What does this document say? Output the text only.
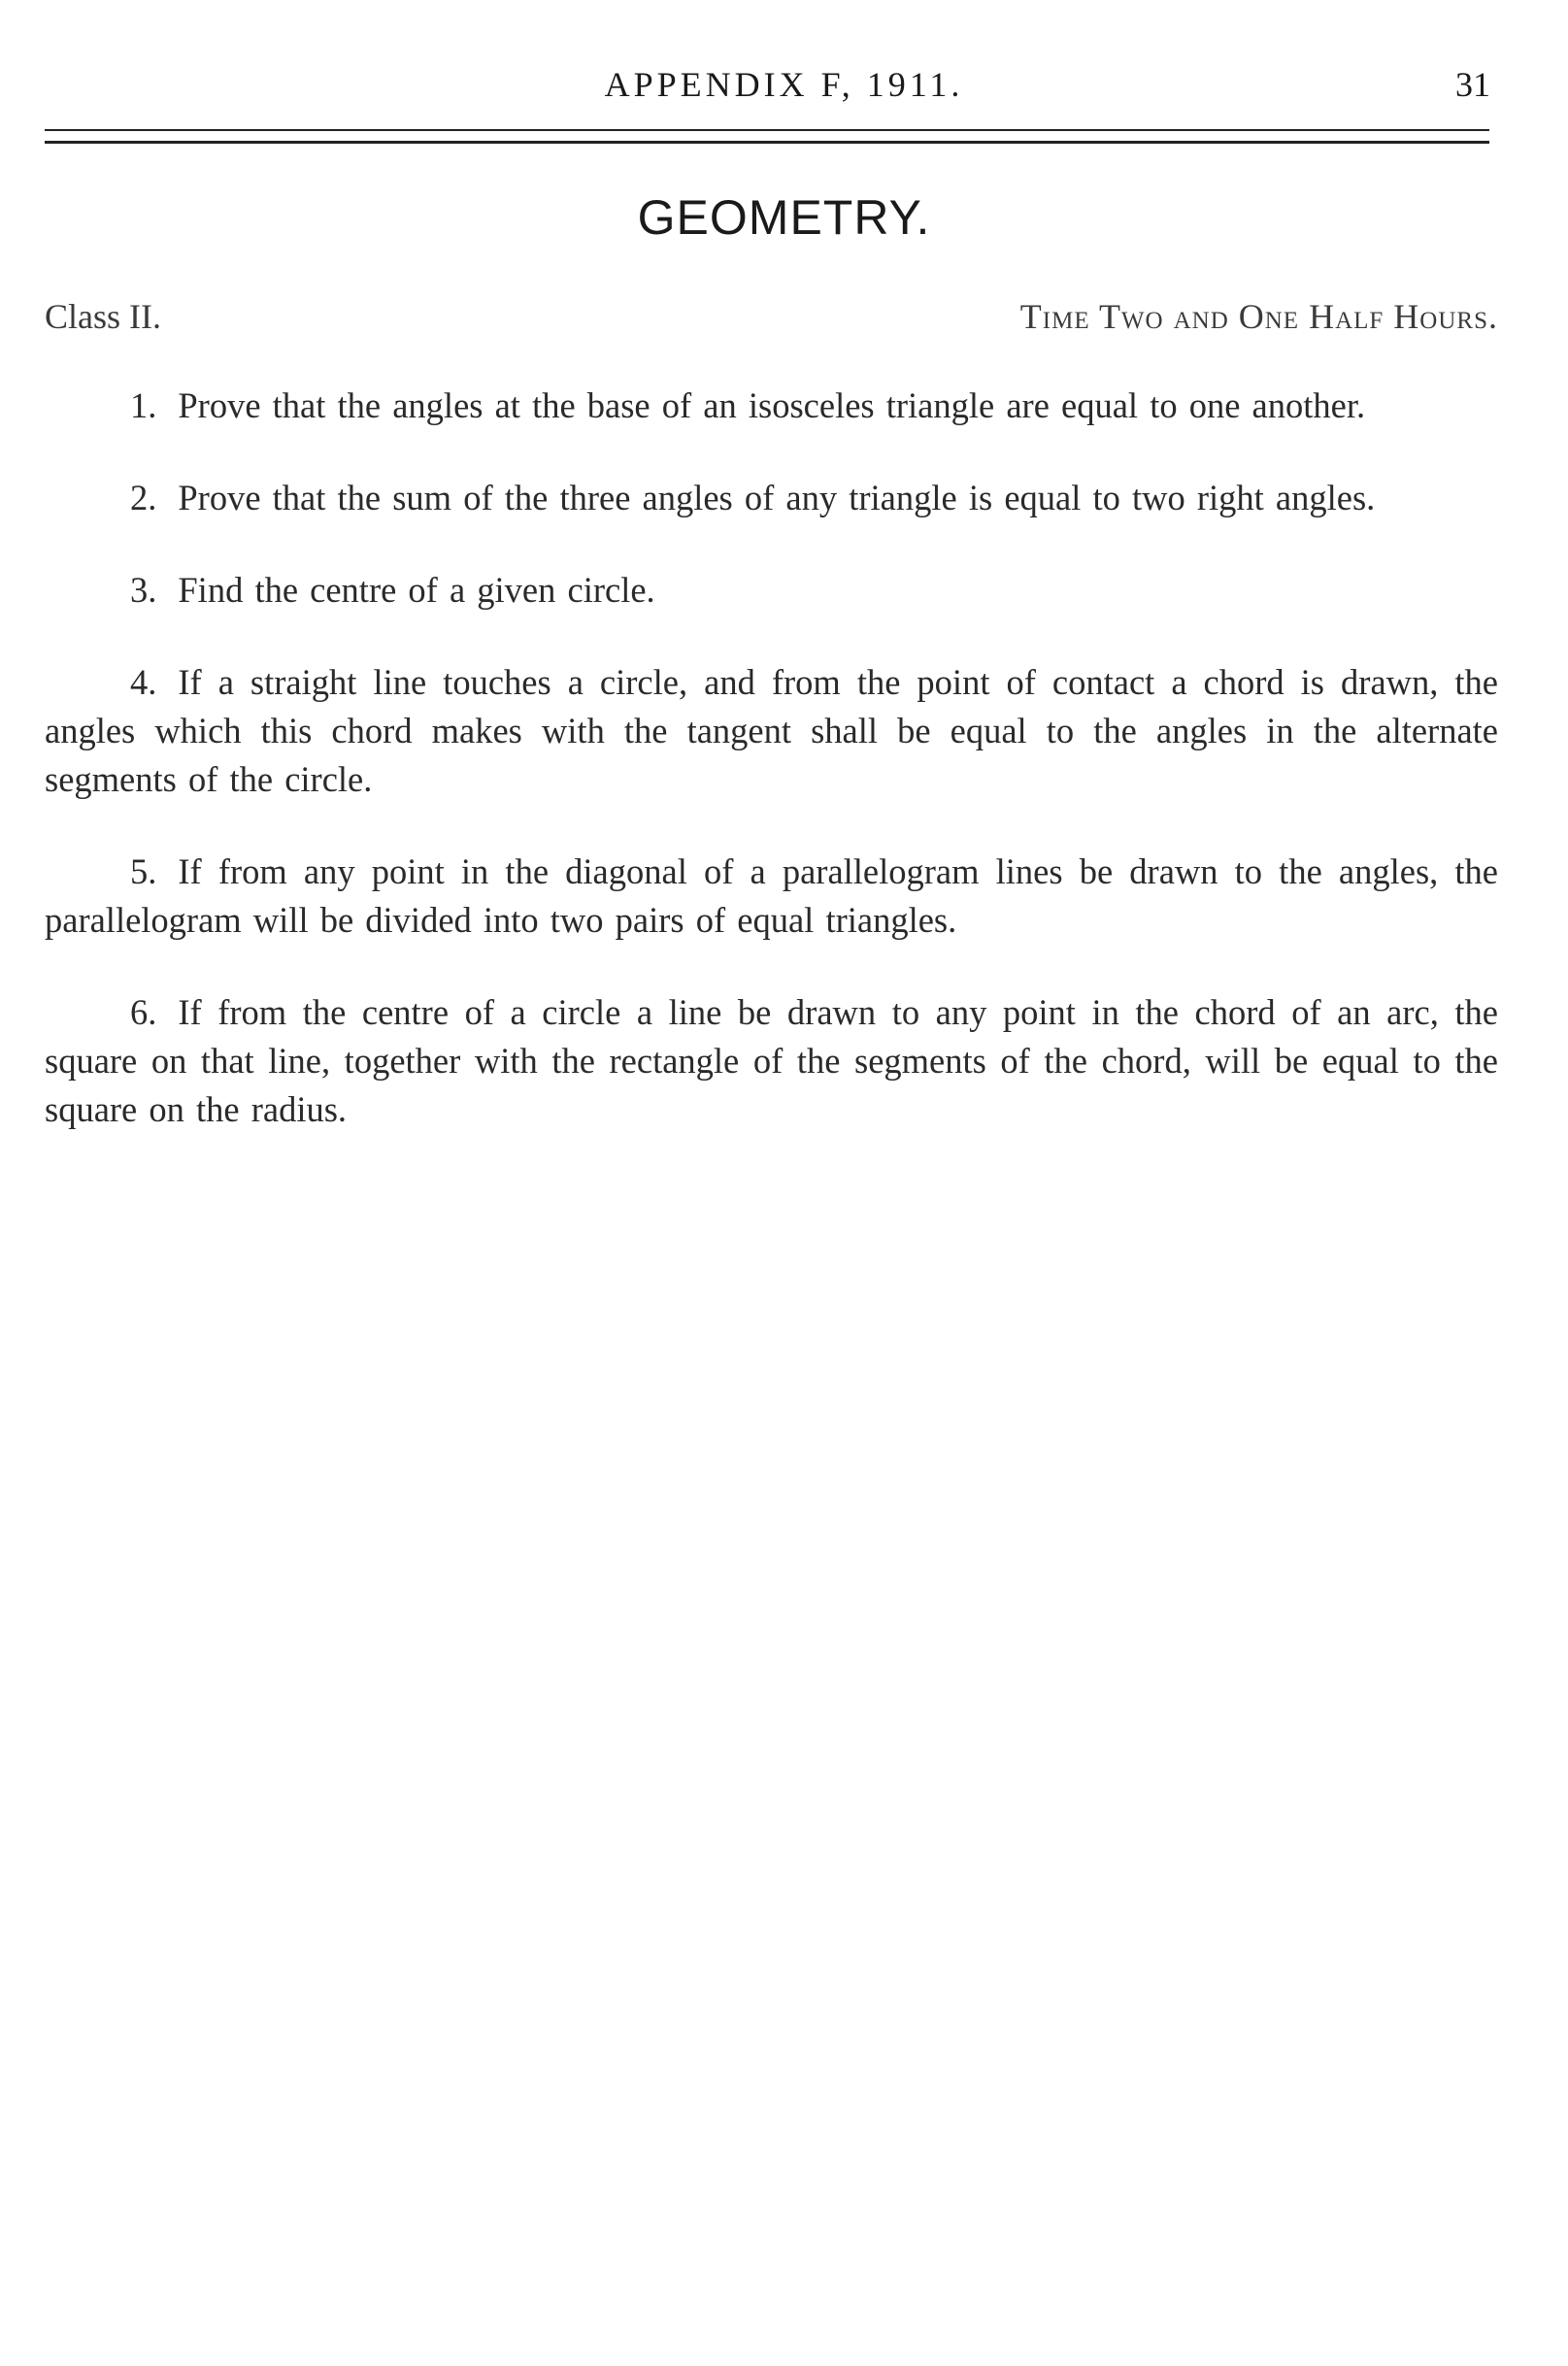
APPENDIX F, 1911.	31
GEOMETRY.
Class II.	Time Two and One Half Hours.

1. Prove that the angles at the base of an isosceles triangle are equal to one another.

2. Prove that the sum of the three angles of any triangle is equal to two right angles.

3. Find the centre of a given circle.

4. If a straight line touches a circle, and from the point of contact a chord is drawn, the angles which this chord makes with the tangent shall be equal to the angles in the alternate segments of the circle.

5. If from any point in the diagonal of a parallelogram lines be drawn to the angles, the parallelogram will be divided into two pairs of equal triangles.

6. If from the centre of a circle a line be drawn to any point in the chord of an arc, the square on that line, together with the rectangle of the segments of the chord, will be equal to the square on the radius.
